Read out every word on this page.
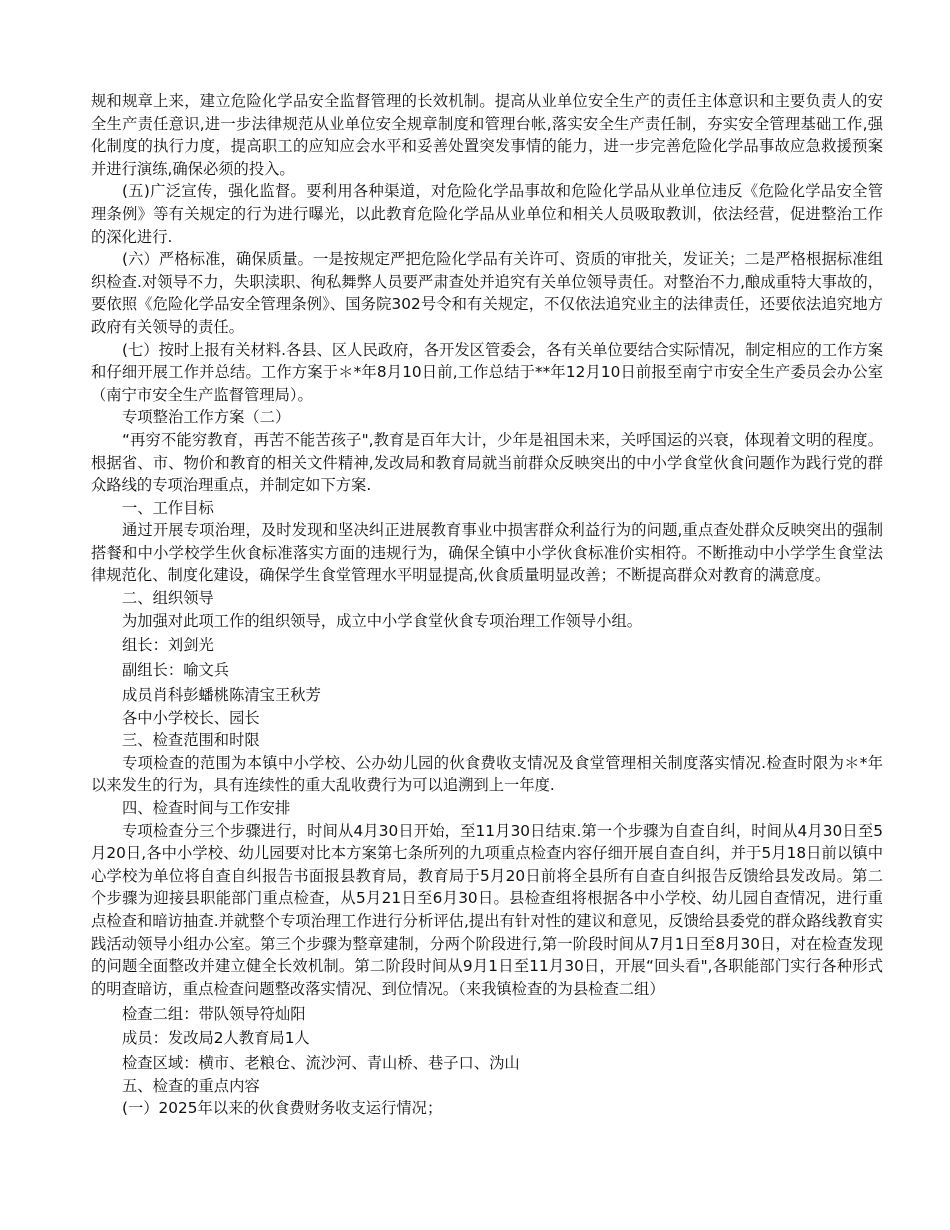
规和规章上来，建立危险化学品安全监督管理的长效机制。提高从业单位安全生产的责任主体意识和主要负责人的安全生产责任意识,进一步法律规范从业单位安全规章制度和管理台帐,落实安全生产责任制，夯实安全管理基础工作,强化制度的执行力度，提高职工的应知应会水平和妥善处置突发事情的能力，进一步完善危险化学品事故应急救援预案并进行演练,确保必须的投入。

(五)广泛宣传，强化监督。要利用各种渠道，对危险化学品事故和危险化学品从业单位违反《危险化学品安全管理条例》等有关规定的行为进行曝光，以此教育危险化学品从业单位和相关人员吸取教训，依法经营，促进整治工作的深化进行.

(六）严格标准，确保质量。一是按规定严把危险化学品有关许可、资质的审批关，发证关；二是严格根据标准组织检查.对领导不力，失职渎职、徇私舞弊人员要严肃查处并追究有关单位领导责任。对整治不力,酿成重特大事故的，要依照《危险化学品安全管理条例》、国务院302号令和有关规定，不仅依法追究业主的法律责任，还要依法追究地方政府有关领导的责任。

(七）按时上报有关材料.各县、区人民政府，各开发区管委会，各有关单位要结合实际情况，制定相应的工作方案和仔细开展工作并总结。工作方案于＊*年8月10日前,工作总结于**年12月10日前报至南宁市安全生产委员会办公室（南宁市安全生产监督管理局）。

专项整治工作方案（二）

“再穷不能穷教育，再苦不能苦孩子",教育是百年大计，少年是祖国未来，关呼国运的兴衰，体现着文明的程度。根据省、市、物价和教育的相关文件精神,发改局和教育局就当前群众反映突出的中小学食堂伙食问题作为践行党的群众路线的专项治理重点，并制定如下方案.

一、工作目标

通过开展专项治理，及时发现和坚决纠正进展教育事业中损害群众利益行为的问题,重点查处群众反映突出的强制搭餐和中小学校学生伙食标准落实方面的违规行为，确保全镇中小学伙食标准价实相符。不断推动中小学学生食堂法律规范化、制度化建设，确保学生食堂管理水平明显提高,伙食质量明显改善；不断提高群众对教育的满意度。

二、组织领导

为加强对此项工作的组织领导，成立中小学食堂伙食专项治理工作领导小组。

组长：刘剑光

副组长：喻文兵

成员肖科彭蟠桃陈清宝王秋芳

各中小学校长、园长

三、检查范围和时限

专项检查的范围为本镇中小学校、公办幼儿园的伙食费收支情况及食堂管理相关制度落实情况.检查时限为＊*年以来发生的行为，具有连续性的重大乱收费行为可以追溯到上一年度.

四、检查时间与工作安排

专项检查分三个步骤进行，时间从4月30日开始，至11月30日结束.第一个步骤为自查自纠，时间从4月30日至5月20日,各中小学校、幼儿园要对比本方案第七条所列的九项重点检查内容仔细开展自查自纠，并于5月18日前以镇中心学校为单位将自查自纠报告书面报县教育局，教育局于5月20日前将全县所有自查自纠报告反馈给县发改局。第二个步骤为迎接县职能部门重点检查，从5月21日至6月30日。县检查组将根据各中小学校、幼儿园自查情况，进行重点检查和暗访抽查.并就整个专项治理工作进行分析评估,提出有针对性的建议和意见，反馈给县委党的群众路线教育实践活动领导小组办公室。第三个步骤为整章建制，分两个阶段进行,第一阶段时间从7月1日至8月30日，对在检查发现的问题全面整改并建立健全长效机制。第二阶段时间从9月1日至11月30日，开展“回头看",各职能部门实行各种形式的明查暗访，重点检查问题整改落实情况、到位情况。（来我镇检查的为县检查二组）

检查二组：带队领导符灿阳

成员：发改局2人教育局1人

检查区域：横市、老粮仓、流沙河、青山桥、巷子口、沩山

五、检查的重点内容

(一）2025年以来的伙食费财务收支运行情况；
